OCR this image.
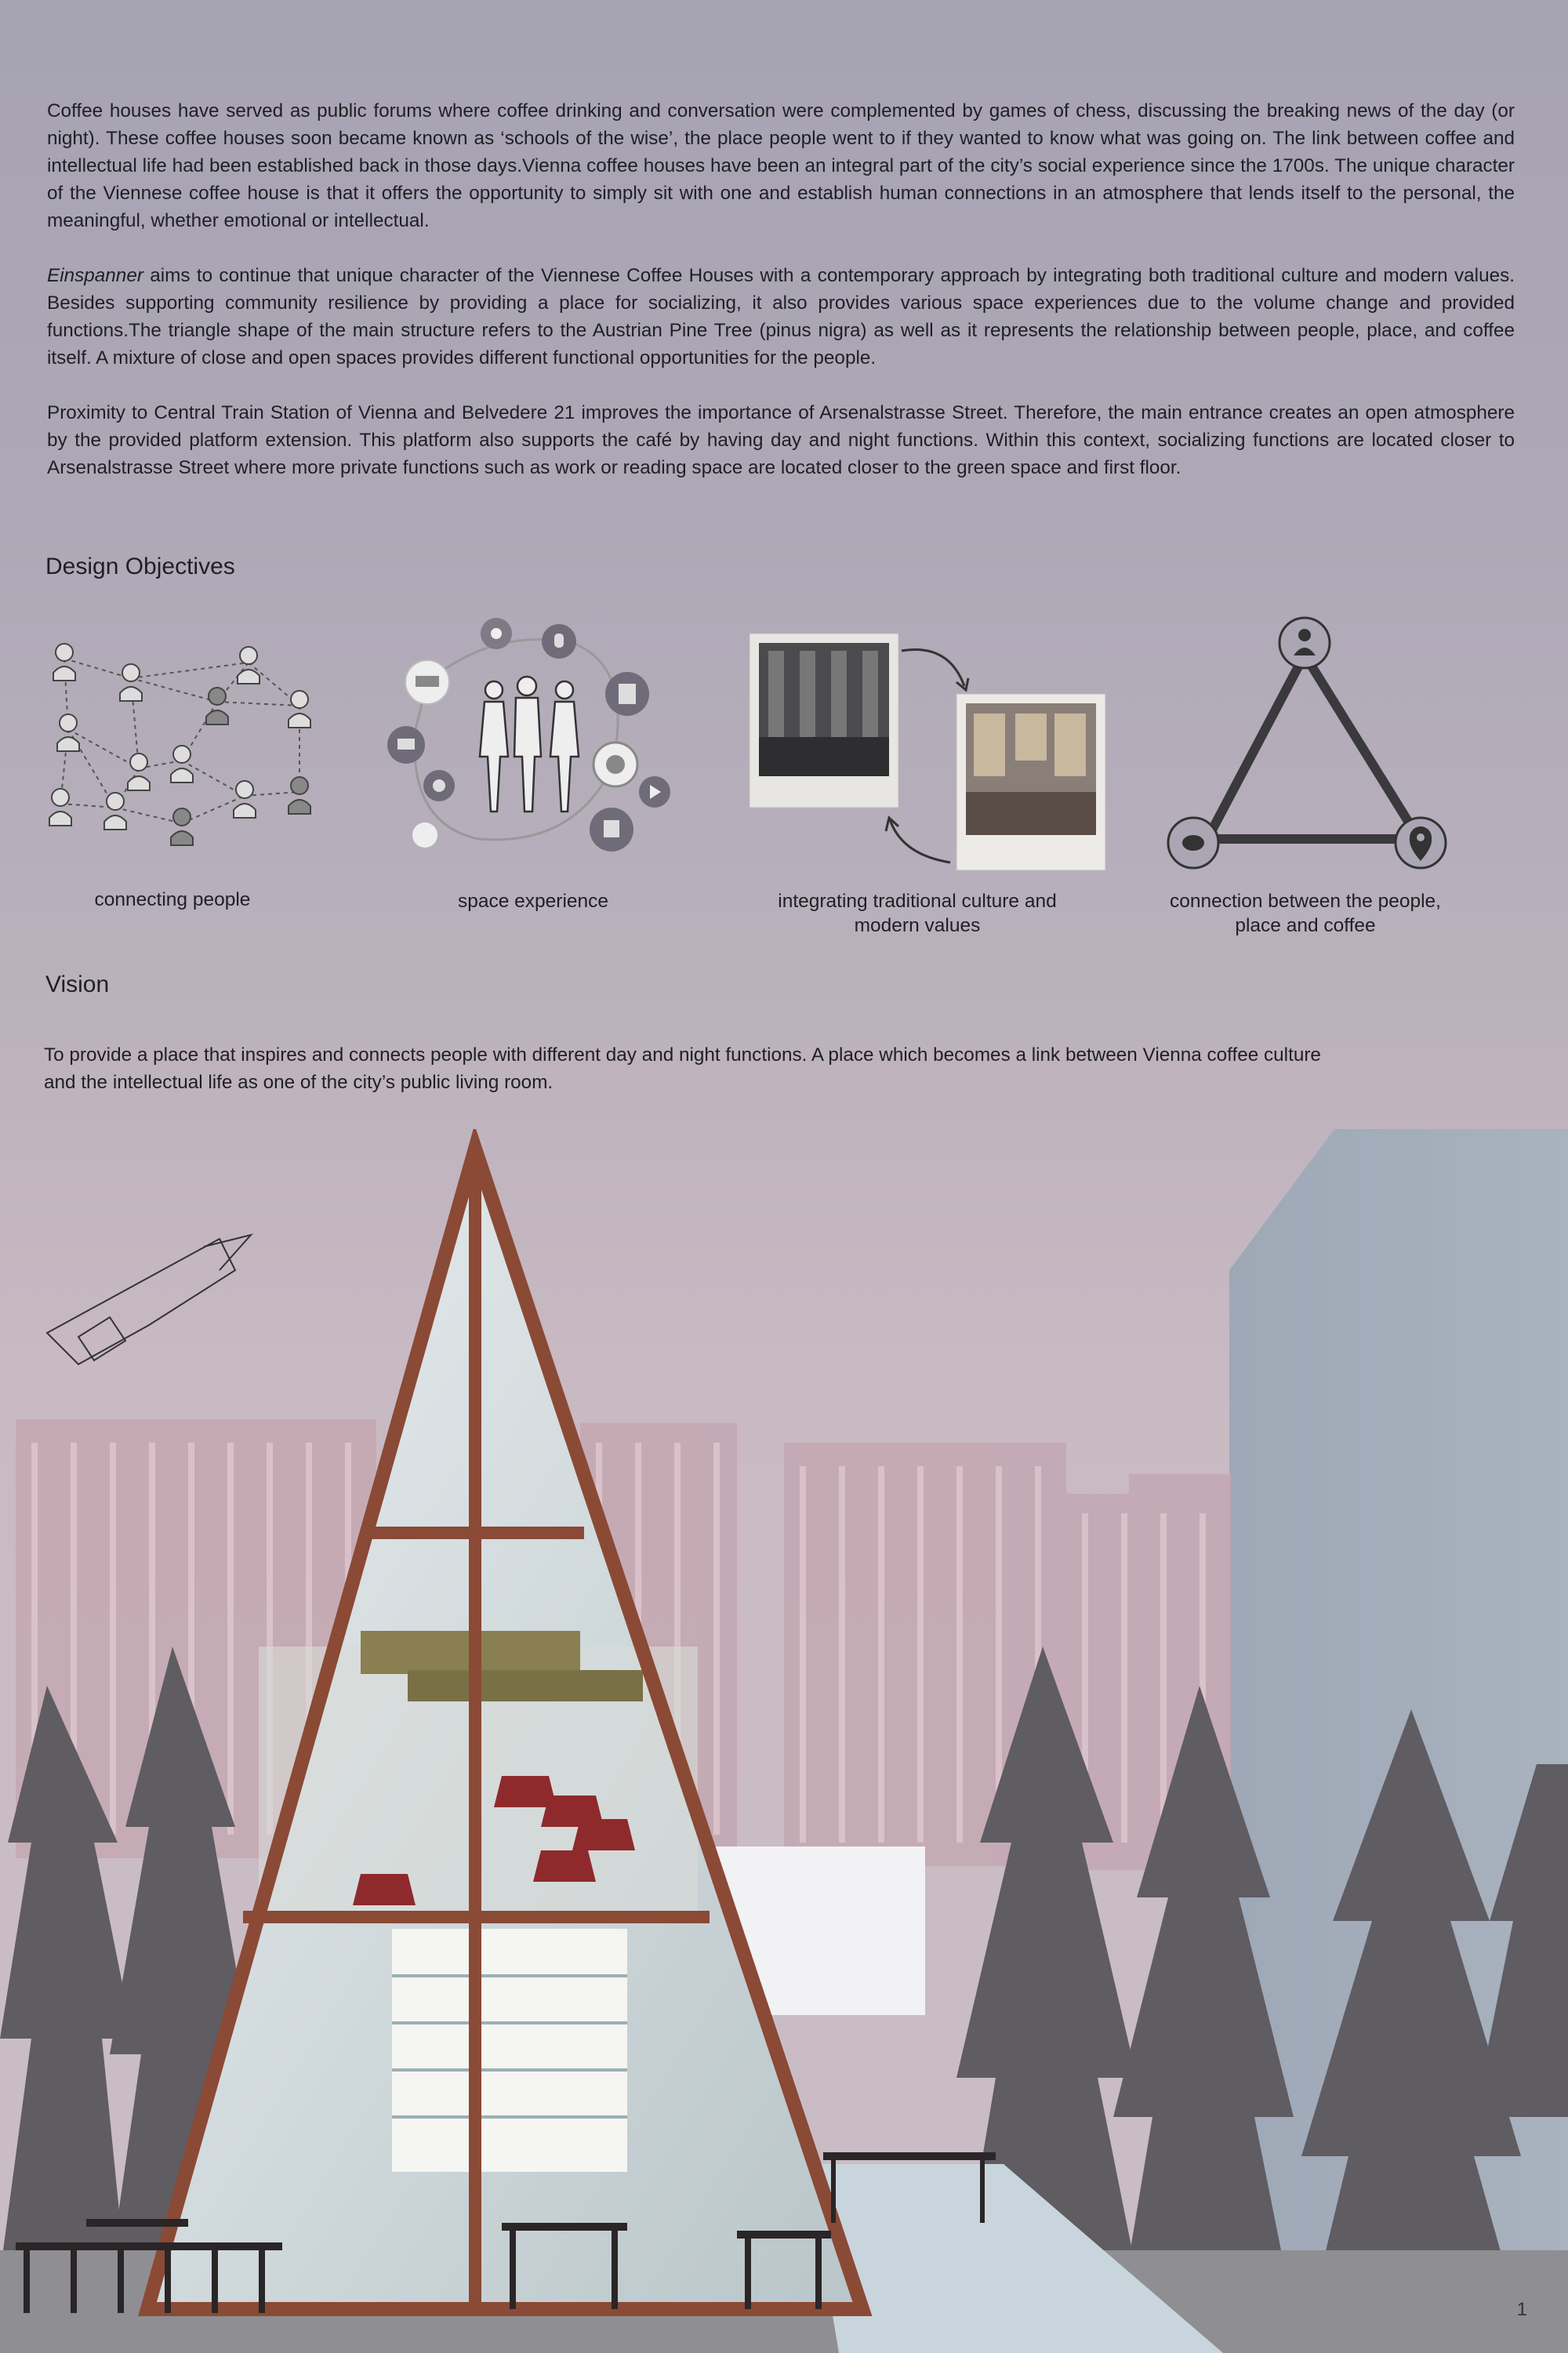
Coffee houses have served as public forums where coffee drinking and conversation were complemented by games of chess, discussing the breaking news of the day (or night). These coffee houses soon became known as ‘schools of the wise’, the place people went to if they wanted to know what was going on. The link between coffee and intellectual life had been established back in those days.Vienna coffee houses have been an integral part of the city’s social experience since the 1700s. The unique character of the Viennese coffee house is that it offers the opportunity to simply sit with one and establish human connections in an atmosphere that lends itself to the personal, the meaningful, whether emotional or intellectual.

Einspanner aims to continue that unique character of the Viennese Coffee Houses with a contemporary approach by integrating both traditional culture and modern values. Besides supporting community resilience by providing a place for socializing, it also provides various space experiences due to the volume change and provided functions.The triangle shape of the main structure refers to the Austrian Pine Tree (pinus nigra) as well as it represents the relationship between people, place, and coffee itself. A mixture of close and open spaces provides different functional opportunities for the people.

Proximity to Central Train Station of Vienna and Belvedere 21 improves the importance of Arsenalstrasse Street. Therefore, the main entrance creates an open atmosphere by the provided platform extension. This platform also supports the café by having day and night functions. Within this context, socializing functions are located closer to Arsenalstrasse Street where more private functions such as work or reading space are located closer to the green space and first floor.

Design Objectives

connecting people	space experience	integrating traditional culture and modern values

connection between the people, place and coffee

Vision

To provide a place that inspires and connects people with different day and night functions. A place which becomes a link between Vienna coffee culture and the intellectual life as one of the city’s public living room.

1
